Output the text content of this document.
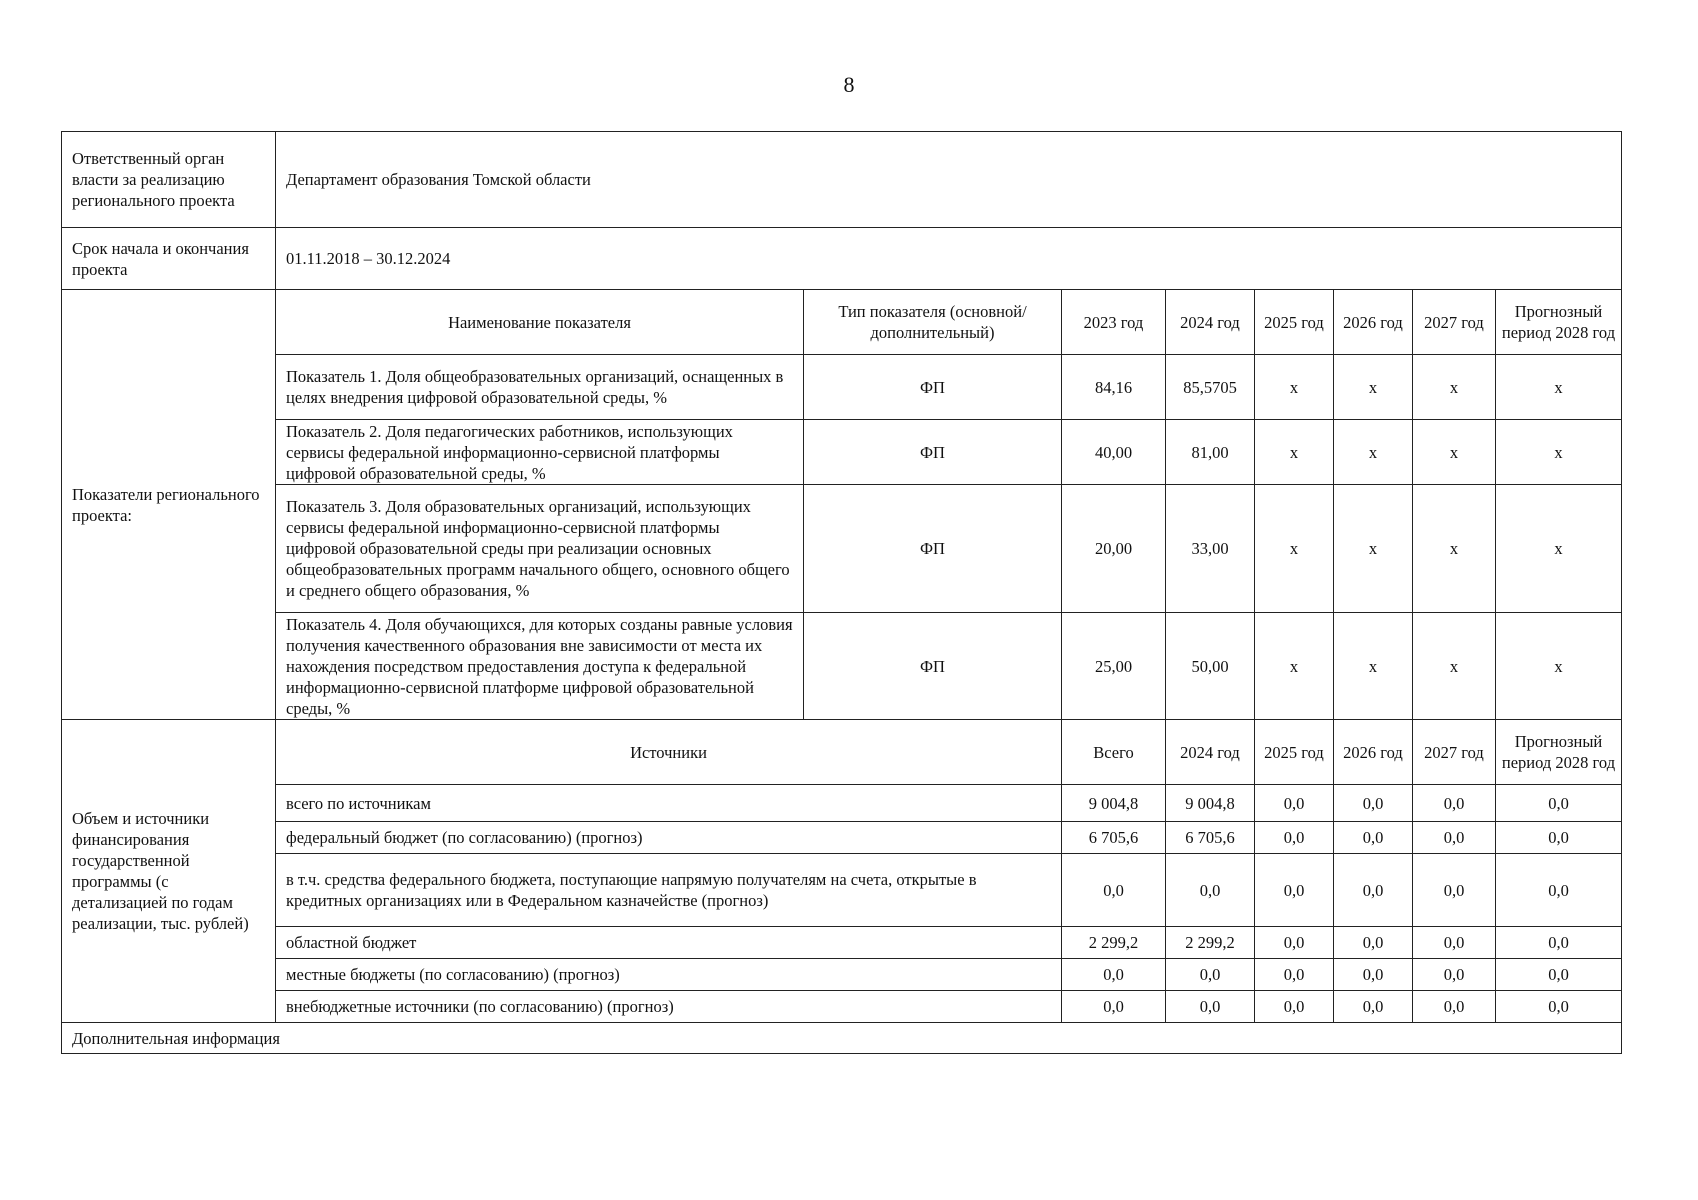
8
Ответственный орган власти за реализацию регионального проекта	Департамент образования Томской области							
Срок начала и окончания проекта	01.11.2018 – 30.12.2024							
Показатели регионального проекта:	Наименование показателя	Тип показателя (основной/дополнительный)	2023 год	2024 год	2025 год	2026 год	2027 год	Прогнозный период 2028 год
	Показатель 1. Доля общеобразовательных организаций, оснащенных в целях внедрения цифровой образовательной среды, %	ФП	84,16	85,5705	х	х	х	х
	Показатель 2. Доля педагогических работников, использующих сервисы федеральной информационно-сервисной платформы цифровой образовательной среды, %	ФП	40,00	81,00	х	х	х	х
	Показатель 3. Доля образовательных организаций, использующих сервисы федеральной информационно-сервисной платформы цифровой образовательной среды при реализации основных общеобразовательных программ начального общего, основного общего и среднего общего образования, %	ФП	20,00	33,00	х	х	х	х
	Показатель 4. Доля обучающихся, для которых созданы равные условия получения качественного образования вне зависимости от места их нахождения посредством предоставления доступа к федеральной информационно-сервисной платформе цифровой образовательной среды, %	ФП	25,00	50,00	х	х	х	х
Объем и источники финансирования государственной программы (с детализацией по годам реализации, тыс. рублей)	Источники		Всего	2024 год	2025 год	2026 год	2027 год	Прогнозный период 2028 год
	всего по источникам		9 004,8	9 004,8	0,0	0,0	0,0	0,0
	федеральный бюджет (по согласованию) (прогноз)		6 705,6	6 705,6	0,0	0,0	0,0	0,0
	в т.ч. средства федерального бюджета, поступающие напрямую получателям на счета, открытые в кредитных организациях или в Федеральном казначействе (прогноз)		0,0	0,0	0,0	0,0	0,0	0,0
	областной бюджет		2 299,2	2 299,2	0,0	0,0	0,0	0,0
	местные бюджеты (по согласованию) (прогноз)		0,0	0,0	0,0	0,0	0,0	0,0
	внебюджетные источники (по согласованию) (прогноз)		0,0	0,0	0,0	0,0	0,0	0,0
Дополнительная информация								
